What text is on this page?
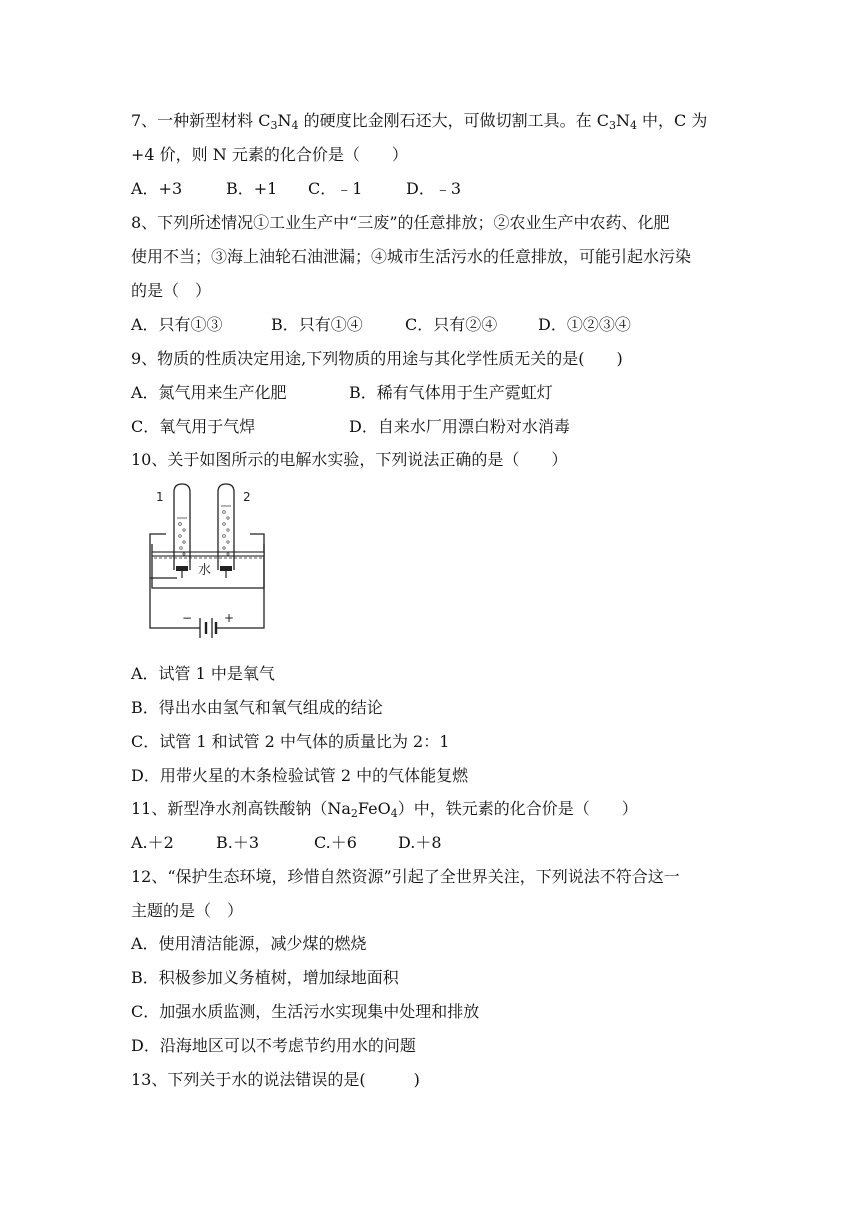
7、一种新型材料 $C_3N_4$ 的硬度比金刚石还大，可做切割工具。在 $C_3N_4$ 中，C 为
+4 价，则 N 元素的化合价是（　　）
A．+3	B．+1 C．﹣1	D．﹣3
8、下列所述情况①工业生产中“三废”的任意排放；②农业生产中农药、化肥
使用不当；③海上油轮石油泄漏；④城市生活污水的任意排放，可能引起水污染
的是（　）
A．只有①③	B．只有①④	C．只有②④	D．①②③④
9、物质的性质决定用途,下列物质的用途与其化学性质无关的是(　　)
A．氮气用来生产化肥	B．稀有气体用于生产霓虹灯
C．氧气用于气焊	D．自来水厂用漂白粉对水消毒
10、关于如图所示的电解水实验，下列说法正确的是（　　）
1	2
水
−	+
A．试管 1 中是氧气
B．得出水由氢气和氧气组成的结论
C．试管 1 和试管 2 中气体的质量比为 2：1
D．用带火星的木条检验试管 2 中的气体能复燃
11、新型净水剂高铁酸钠$(Na_2FeO_4)$中，铁元素的化合价是（　　）
A.＋2	B.＋3	C.＋6	D.＋8
12、“保护生态环境，珍惜自然资源”引起了全世界关注，下列说法不符合这一
主题的是（　）
A．使用清洁能源，减少煤的燃烧
B．积极参加义务植树，增加绿地面积
C．加强水质监测，生活污水实现集中处理和排放
D．沿海地区可以不考虑节约用水的问题
13、下列关于水的说法错误的是(　　　)
